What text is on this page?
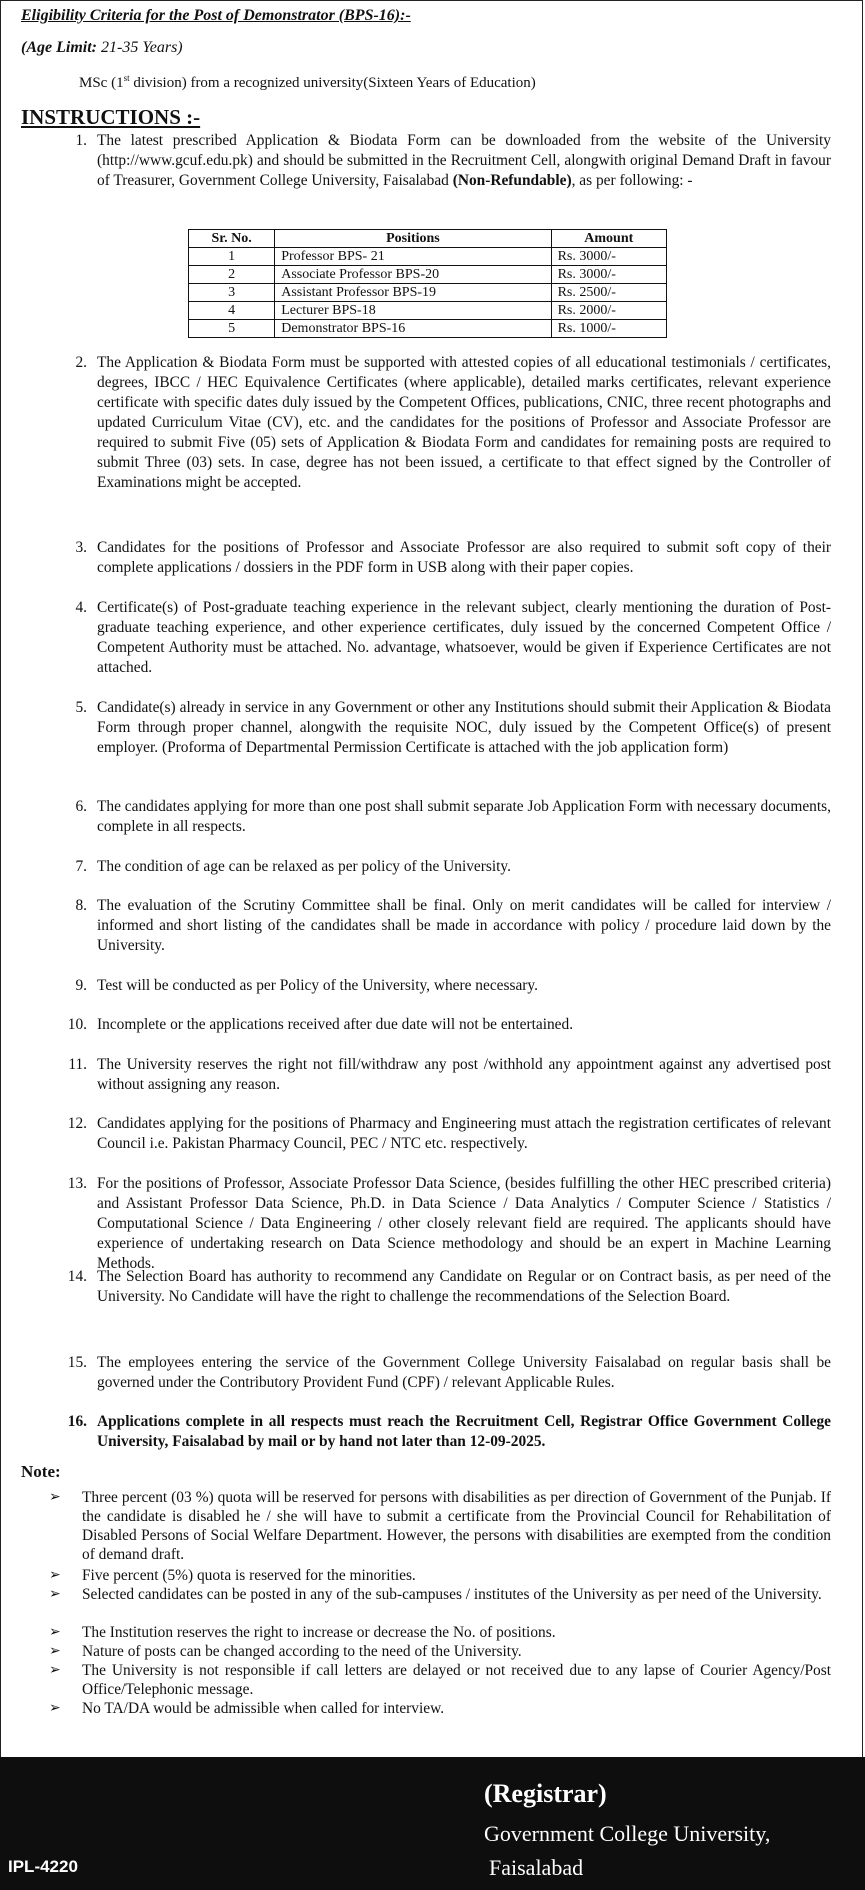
Eligibility Criteria for the Post of Demonstrator (BPS-16):-
(Age Limit: 21-35 Years)
MSc (1st division) from a recognized university(Sixteen Years of Education)
INSTRUCTIONS :-
1. The latest prescribed Application & Biodata Form can be downloaded from the website of the University (http://www.gcuf.edu.pk) and should be submitted in the Recruitment Cell, alongwith original Demand Draft in favour of Treasurer, Government College University, Faisalabad (Non-Refundable), as per following: -
Sr. No.	Positions	Amount
1	Professor BPS- 21	Rs. 3000/-
2	Associate Professor BPS-20	Rs. 3000/-
3	Assistant Professor BPS-19	Rs. 2500/-
4	Lecturer BPS-18	Rs. 2000/-
5	Demonstrator BPS-16	Rs. 1000/-
2. The Application & Biodata Form must be supported with attested copies of all educational testimonials / certificates, degrees, IBCC / HEC Equivalence Certificates (where applicable), detailed marks certificates, relevant experience certificate with specific dates duly issued by the Competent Offices, publications, CNIC, three recent photographs and updated Curriculum Vitae (CV), etc. and the candidates for the positions of Professor and Associate Professor are required to submit Five (05) sets of Application & Biodata Form and candidates for remaining posts are required to submit Three (03) sets. In case, degree has not been issued, a certificate to that effect signed by the Controller of Examinations might be accepted.
3. Candidates for the positions of Professor and Associate Professor are also required to submit soft copy of their complete applications / dossiers in the PDF form in USB along with their paper copies.
4. Certificate(s) of Post-graduate teaching experience in the relevant subject, clearly mentioning the duration of Post-graduate teaching experience, and other experience certificates, duly issued by the concerned Competent Office / Competent Authority must be attached. No. advantage, whatsoever, would be given if Experience Certificates are not attached.
5. Candidate(s) already in service in any Government or other any Institutions should submit their Application & Biodata Form through proper channel, alongwith the requisite NOC, duly issued by the Competent Office(s) of present employer. (Proforma of Departmental Permission Certificate is attached with the job application form)
6. The candidates applying for more than one post shall submit separate Job Application Form with necessary documents, complete in all respects.
7. The condition of age can be relaxed as per policy of the University.
8. The evaluation of the Scrutiny Committee shall be final. Only on merit candidates will be called for interview / informed and short listing of the candidates shall be made in accordance with policy / procedure laid down by the University.
9. Test will be conducted as per Policy of the University, where necessary.
10. Incomplete or the applications received after due date will not be entertained.
11. The University reserves the right not fill/withdraw any post /withhold any appointment against any advertised post without assigning any reason.
12. Candidates applying for the positions of Pharmacy and Engineering must attach the registration certificates of relevant Council i.e. Pakistan Pharmacy Council, PEC / NTC etc. respectively.
13. For the positions of Professor, Associate Professor Data Science, (besides fulfilling the other HEC prescribed criteria) and Assistant Professor Data Science, Ph.D. in Data Science / Data Analytics / Computer Science / Statistics / Computational Science / Data Engineering / other closely relevant field are required. The applicants should have experience of undertaking research on Data Science methodology and should be an expert in Machine Learning Methods.
14. The Selection Board has authority to recommend any Candidate on Regular or on Contract basis, as per need of the University. No Candidate will have the right to challenge the recommendations of the Selection Board.
15. The employees entering the service of the Government College University Faisalabad on regular basis shall be governed under the Contributory Provident Fund (CPF) / relevant Applicable Rules.
16. Applications complete in all respects must reach the Recruitment Cell, Registrar Office Government College University, Faisalabad by mail or by hand not later than 12-09-2025.
Note:
➢ Three percent (03 %) quota will be reserved for persons with disabilities as per direction of Government of the Punjab. If the candidate is disabled he / she will have to submit a certificate from the Provincial Council for Rehabilitation of Disabled Persons of Social Welfare Department. However, the persons with disabilities are exempted from the condition of demand draft.
➢ Five percent (5%) quota is reserved for the minorities.
➢ Selected candidates can be posted in any of the sub-campuses / institutes of the University as per need of the University.
➢ The Institution reserves the right to increase or decrease the No. of positions.
➢ Nature of posts can be changed according to the need of the University.
➢ The University is not responsible if call letters are delayed or not received due to any lapse of Courier Agency/Post Office/Telephonic message.
➢ No TA/DA would be admissible when called for interview.
(Registrar)
Government College University,
Faisalabad
IPL-4220
